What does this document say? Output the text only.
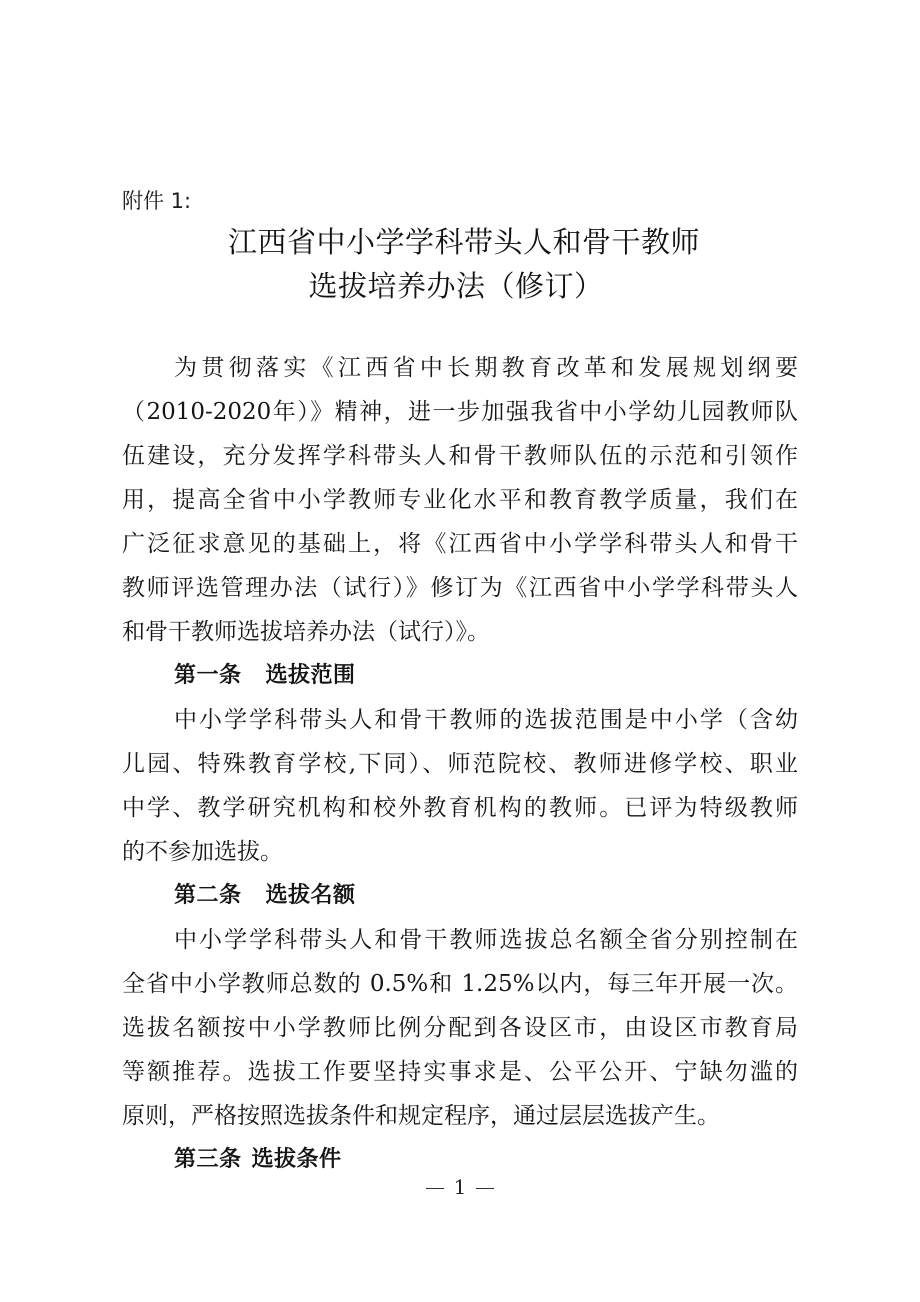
附件 1:
江西省中小学学科带头人和骨干教师
选拔培养办法（修订）
为贯彻落实《江西省中长期教育改革和发展规划纲要
（2010-2020年）》精神，进一步加强我省中小学幼儿园教师队
伍建设，充分发挥学科带头人和骨干教师队伍的示范和引领作
用，提高全省中小学教师专业化水平和教育教学质量，我们在
广泛征求意见的基础上，将《江西省中小学学科带头人和骨干
教师评选管理办法（试行）》修订为《江西省中小学学科带头人
和骨干教师选拔培养办法（试行）》。
第一条 选拔范围
中小学学科带头人和骨干教师的选拔范围是中小学（含幼
儿园、特殊教育学校,下同）、师范院校、教师进修学校、职业
中学、教学研究机构和校外教育机构的教师。已评为特级教师
的不参加选拔。
第二条 选拔名额
中小学学科带头人和骨干教师选拔总名额全省分别控制在
全省中小学教师总数的 0.5%和 1.25%以内，每三年开展一次。
选拔名额按中小学教师比例分配到各设区市，由设区市教育局
等额推荐。选拔工作要坚持实事求是、公平公开、宁缺勿滥的
原则，严格按照选拔条件和规定程序，通过层层选拔产生。
第三条 选拔条件
1
